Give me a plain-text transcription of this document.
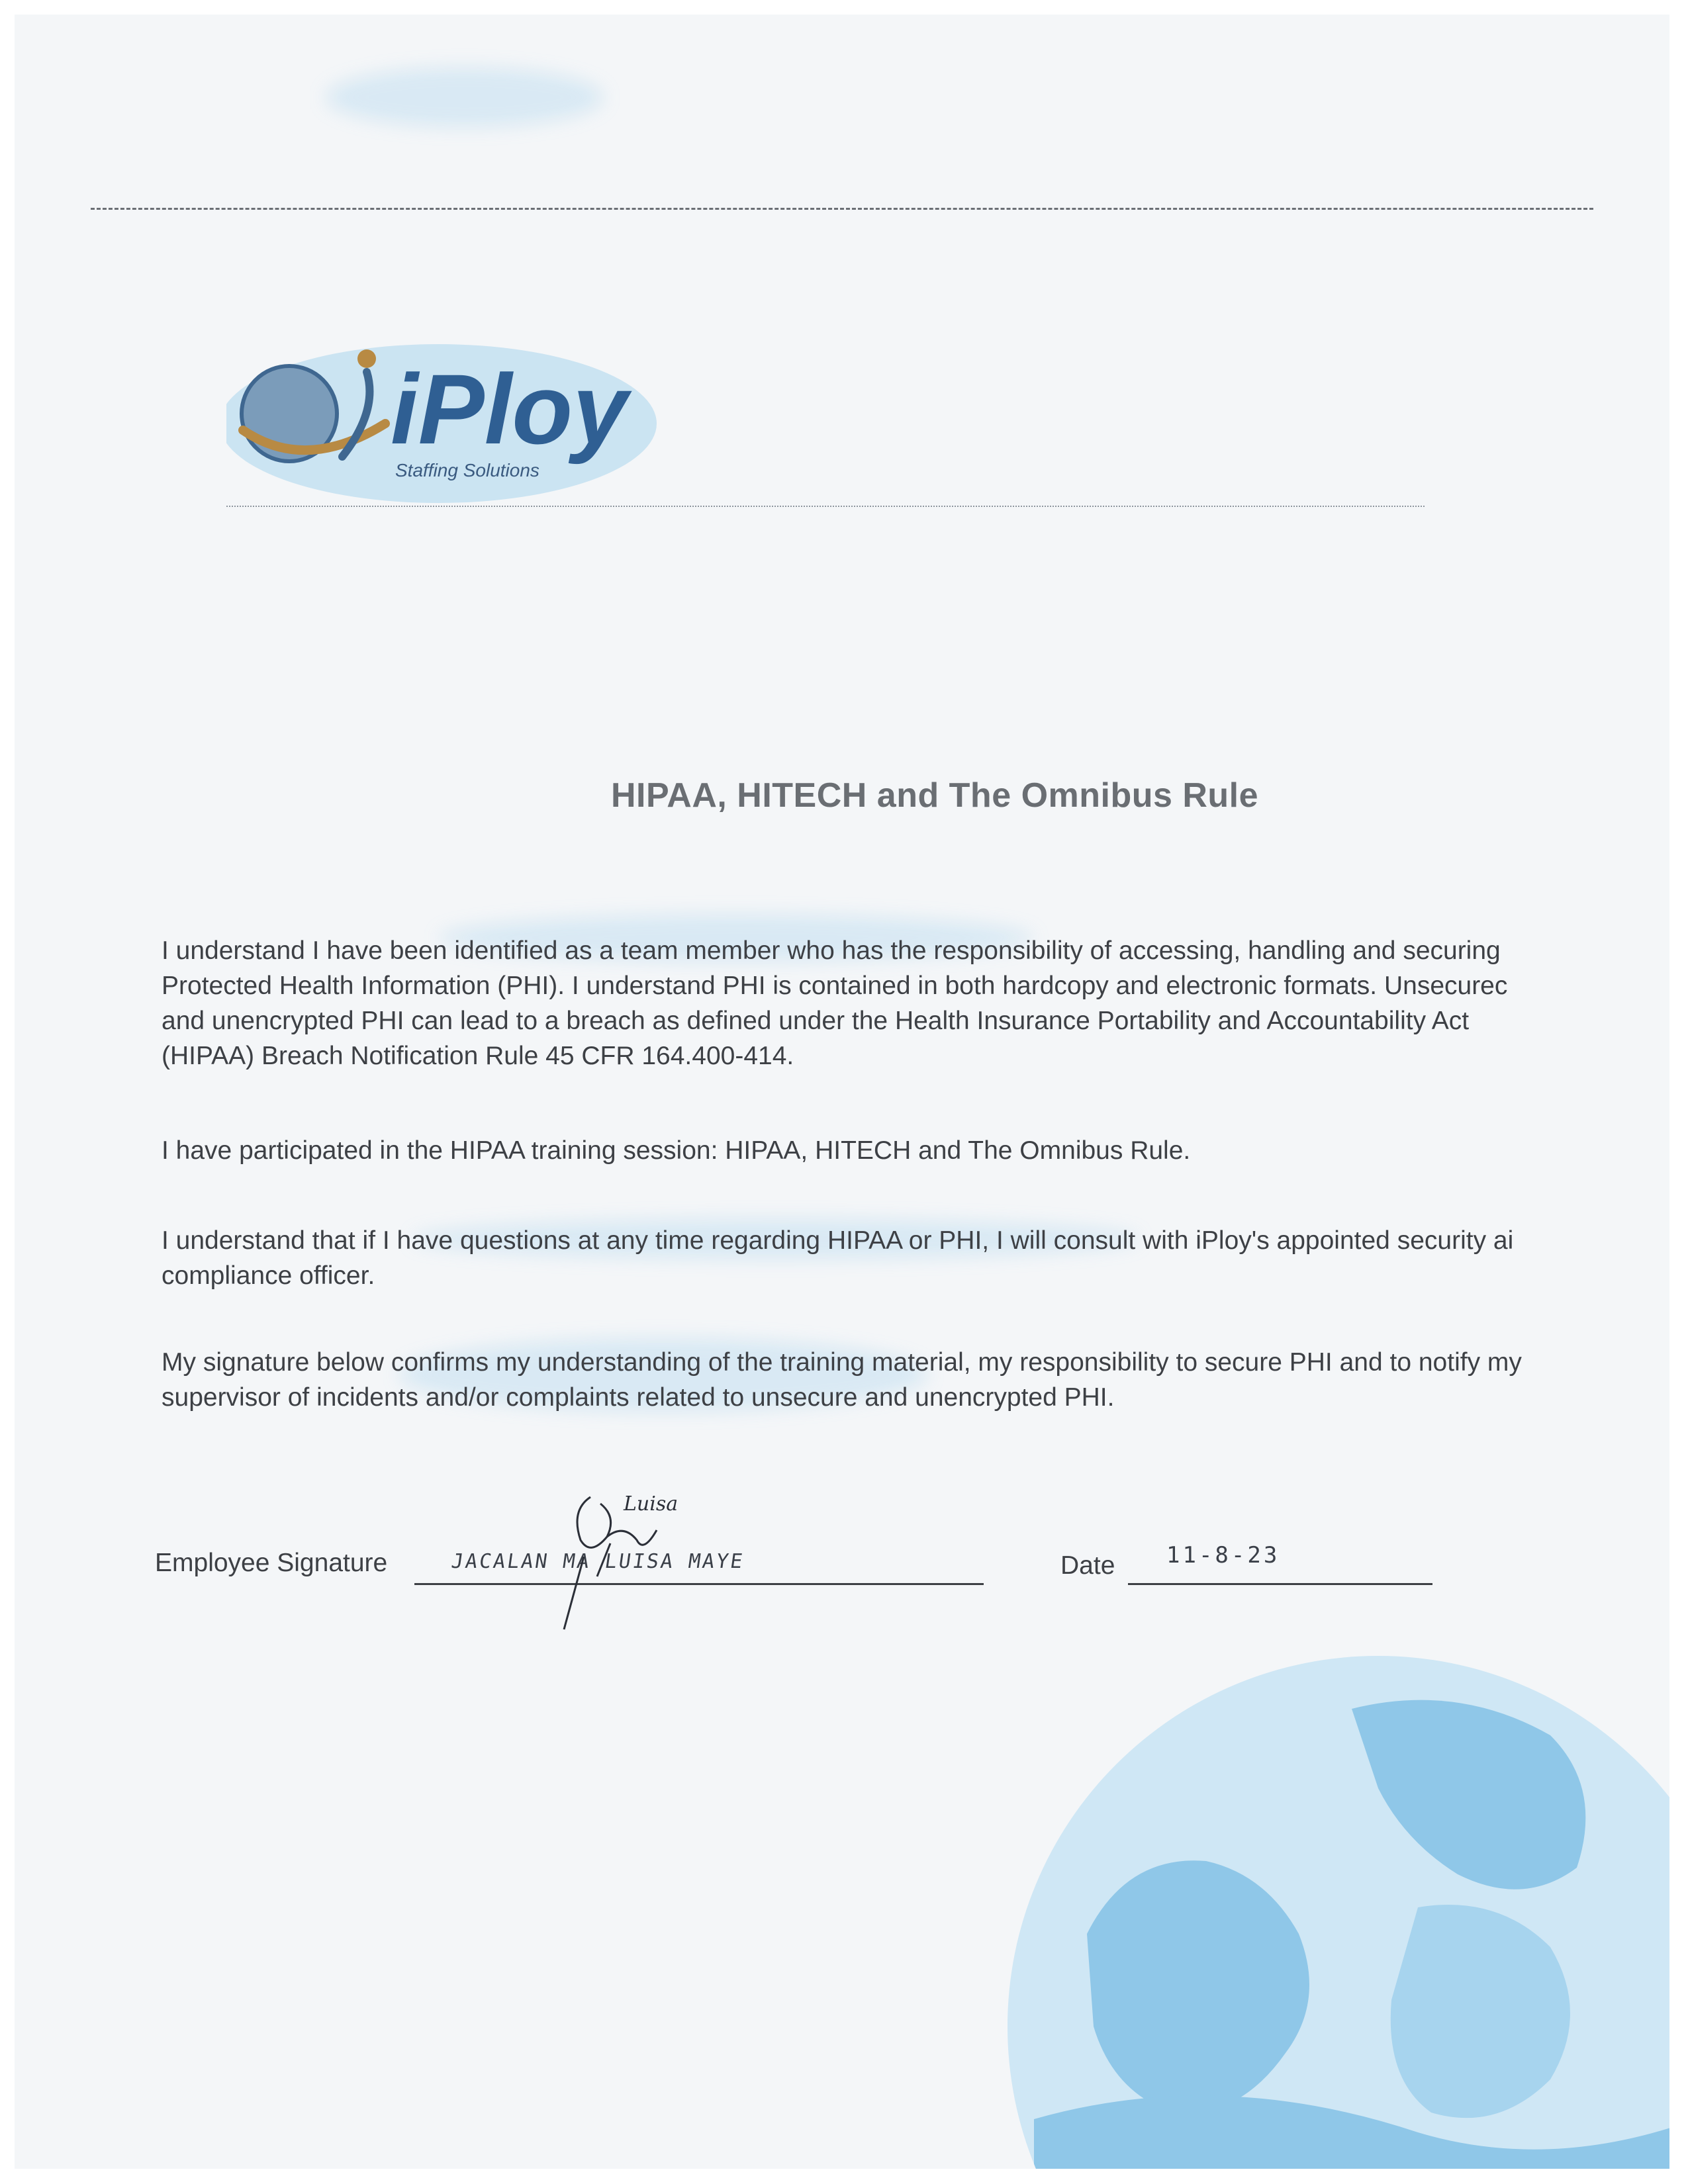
iPloy
Staffing Solutions
HIPAA, HITECH and The Omnibus Rule
I understand I have been identified as a team member who has the responsibility of accessing, handling and securing
Protected Health Information (PHI). I understand PHI is contained in both hardcopy and electronic formats. Unsecurec
and unencrypted PHI can lead to a breach as defined under the Health Insurance Portability and Accountability Act
(HIPAA) Breach Notification Rule 45 CFR 164.400-414.
I have participated in the HIPAA training session: HIPAA, HITECH and The Omnibus Rule.
I understand that if I have questions at any time regarding HIPAA or PHI, I will consult with iPloy's appointed security ai
compliance officer.
My signature below confirms my understanding of the training material, my responsibility to secure PHI and to notify my
supervisor of incidents and/or complaints related to unsecure and unencrypted PHI.
Employee Signature	JACALAN MA LUISA MAYE
Luisa
Date 11-8-23
